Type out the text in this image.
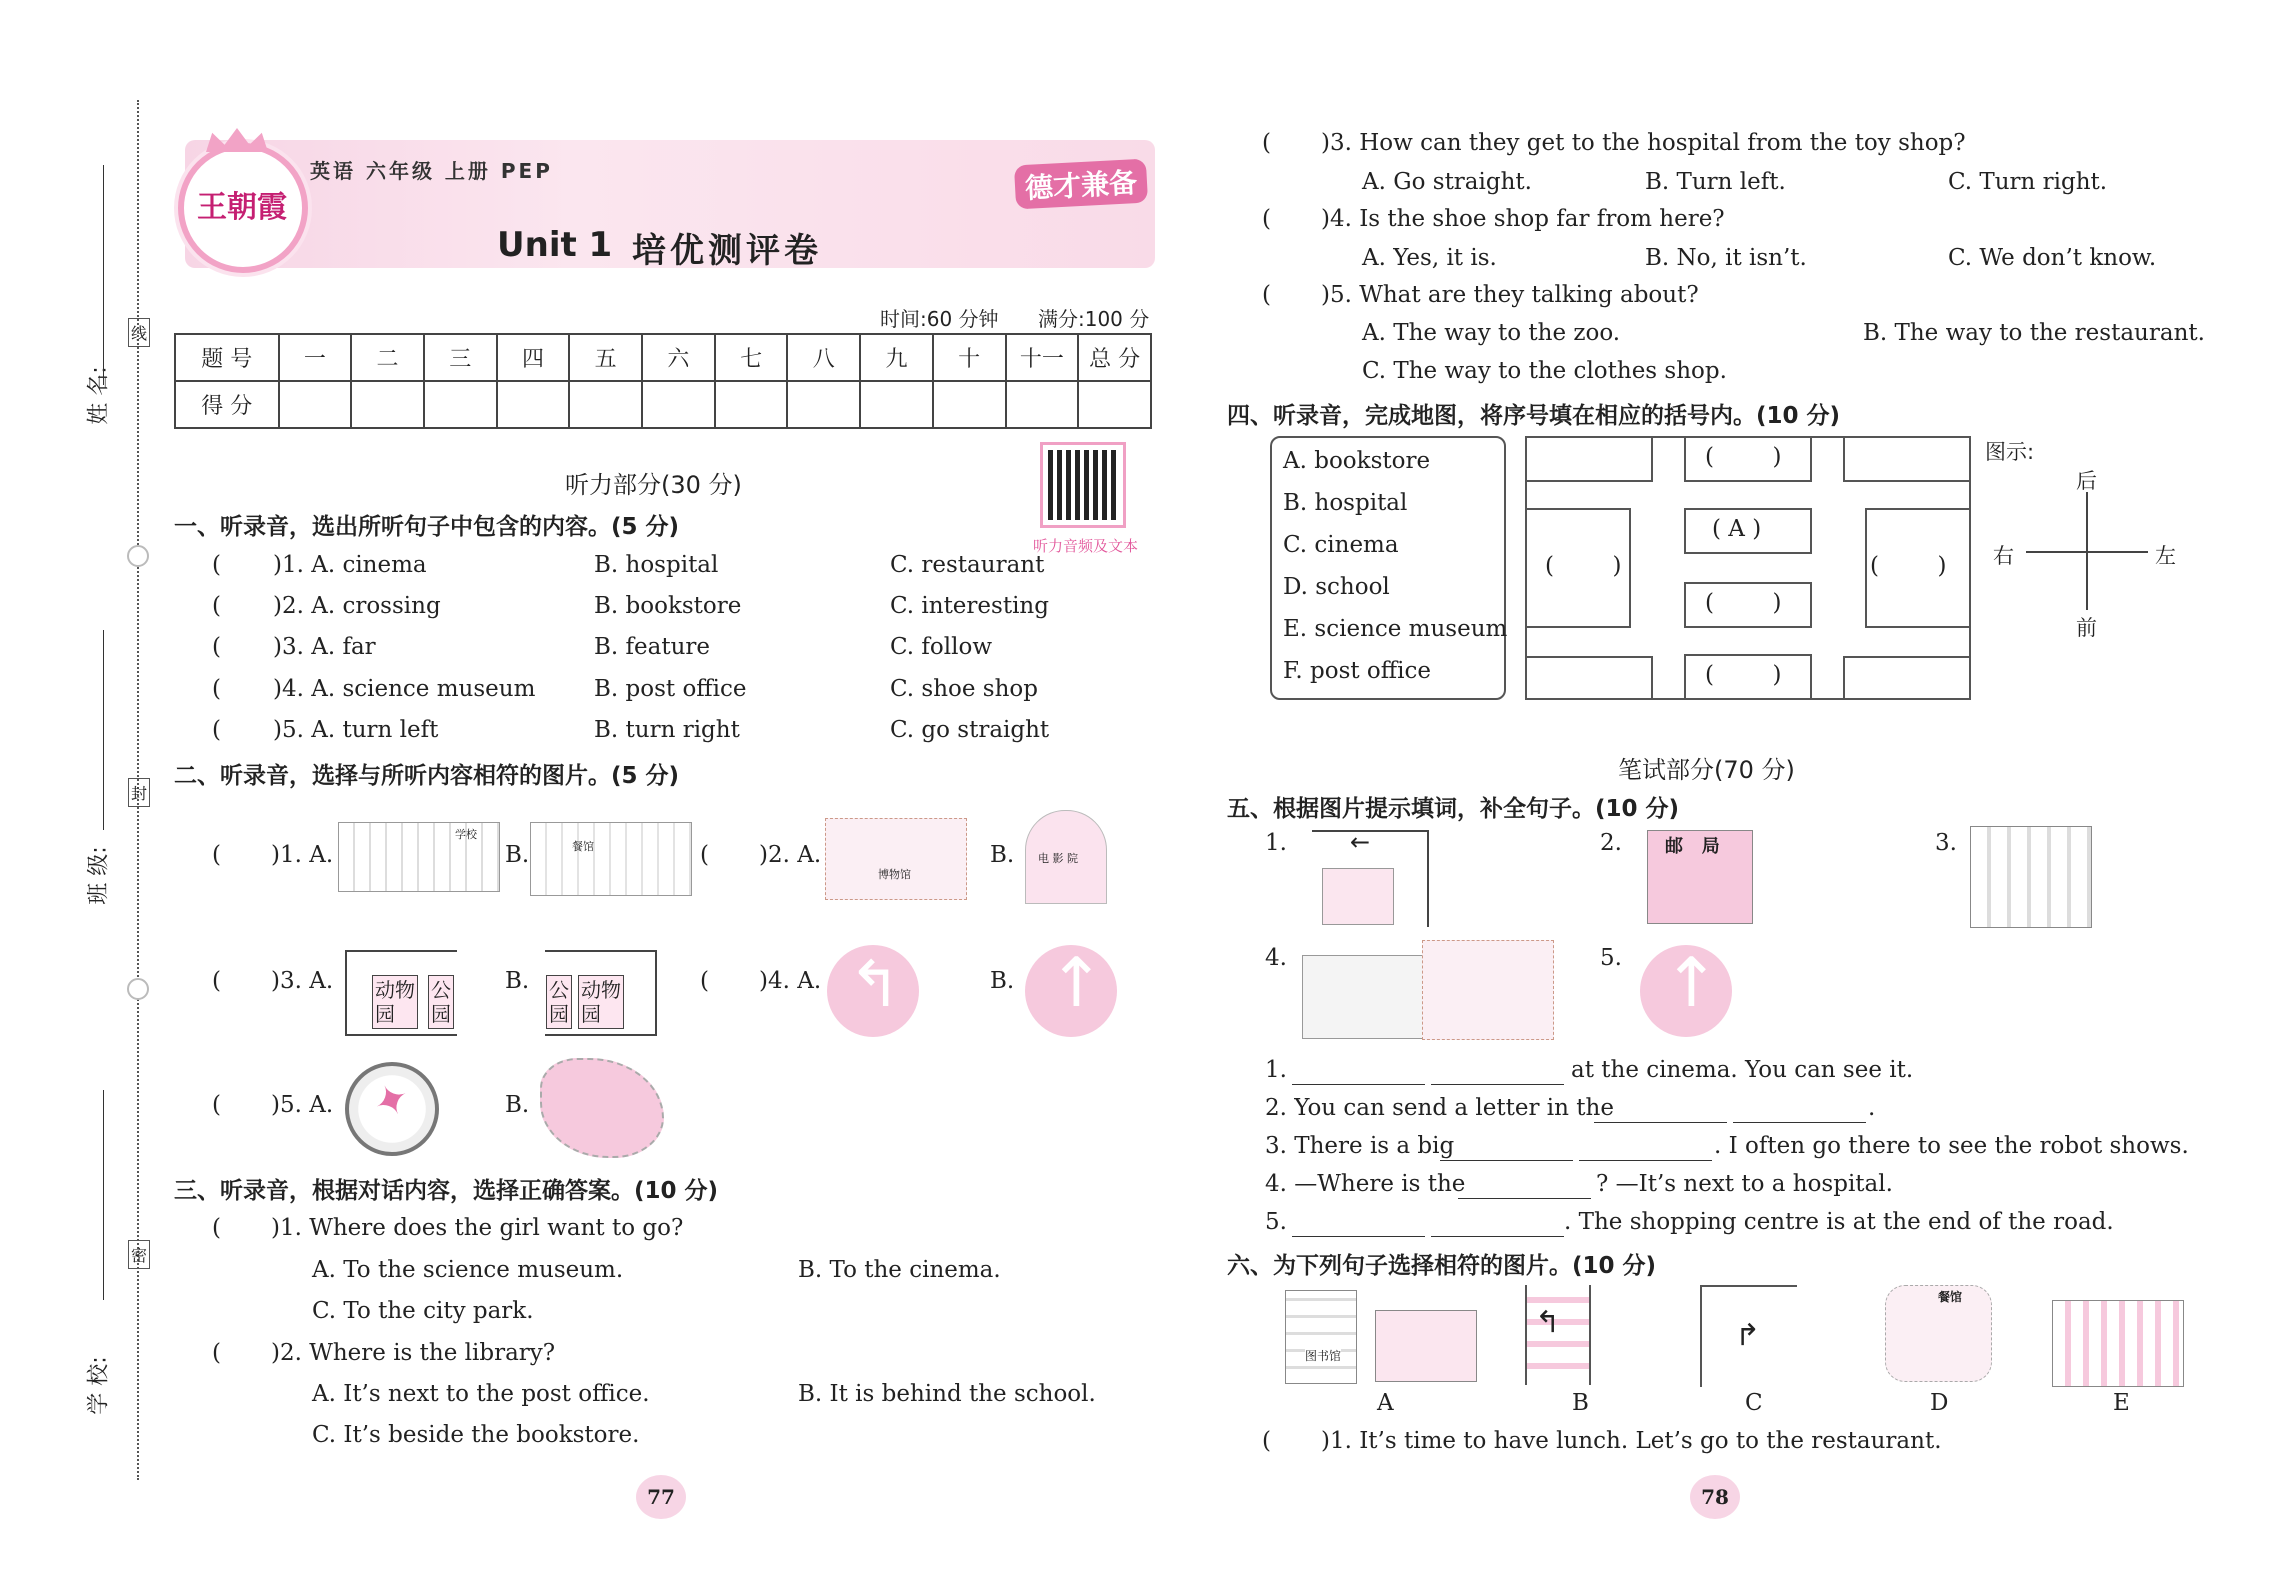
姓 名:
线
班 级:
封
学 校:
密
王朝霞
英语 六年级 上册 PEP	德才兼备
Unit 1 培优测评卷
时间:60 分钟 满分:100 分
题 号	一	二	三	四	五	六	七	八	九	十	十一	总 分
得 分												
听力部分(30 分)
听力音频及文本
一、听录音，选出所听句子中包含的内容。(5 分)
( )1. A. cinema	B. hospital	C. restaurant
( )2. A. crossing	B. bookstore	C. interesting
( )3. A. far	B. feature	C. follow
( )4. A. science museum	B. post office	C. shoe shop
( )5. A. turn left	B. turn right	C. go straight
二、听录音，选择与所听内容相符的图片。(5 分)
( )1. A.
学校
B.	餐馆	( )2. A.
博物馆
B. 电 影 院
( )3. A. 动物
园
公
园
B. 公
园
动物
园
( )4. A. ↰	B. ↑
( )5. A. ✦	B.
三、听录音，根据对话内容，选择正确答案。(10 分)
( )1. Where does the girl want to go?
A. To the science museum.	B. To the cinema.
C. To the city park.
( )2. Where is the library?
A. It’s next to the post office.	B. It is behind the school.
C. It’s beside the bookstore.
77
( )3. How can they get to the hospital from the toy shop?
A. Go straight.	B. Turn left.	C. Turn right.
( )4. Is the shoe shop far from here?
A. Yes, it is.	B. No, it isn’t.	C. We don’t know.
( )5. What are they talking about?
A. The way to the zoo.	B. The way to the restaurant.
C. The way to the clothes shop.
四、听录音，完成地图，将序号填在相应的括号内。(10 分)
A. bookstore
B. hospital
C. cinema
D. school
E. science museum
F. post office
(        )
( A )
(        )
(        )
(        )	(        )
图示:
后
前
右	左
笔试部分(70 分)
五、根据图片提示填词，补全句子。(10 分)
1.	←	2. 邮   局	3.
4.	5. ↑
1.	at the cinema. You can see it.
2. You can send a letter in the	.
3. There is a big	. I often go there to see the robot shows.
4. —Where is the	? —It’s next to a hospital.
5.	. The shopping centre is at the end of the road.
六、为下列句子选择相符的图片。(10 分)
图书馆
↰	↱
餐馆
A	B	C	D	E
( )1. It’s time to have lunch. Let’s go to the restaurant.
78
